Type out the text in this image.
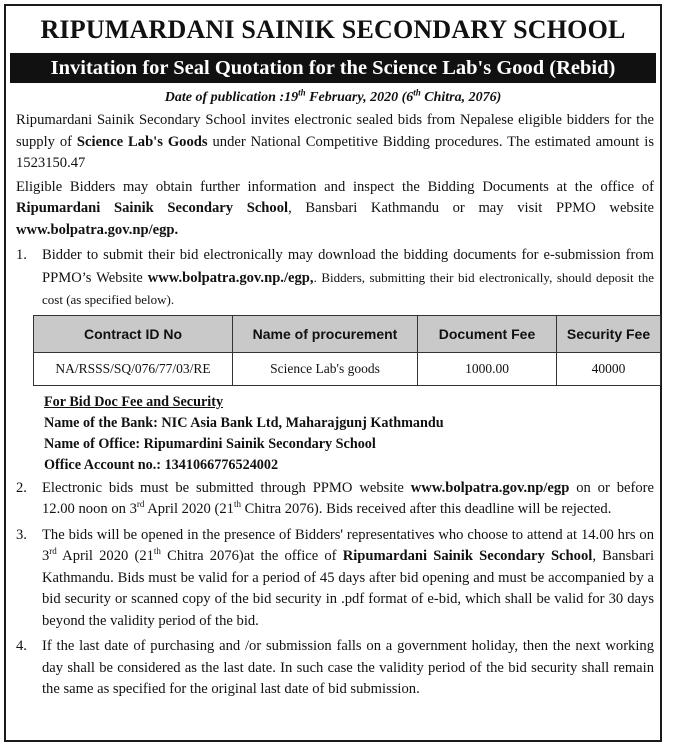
RIPUMARDANI SAINIK SECONDARY SCHOOL
Invitation for Seal Quotation for the Science Lab's Good (Rebid)
Date of publication :19th February, 2020 (6th Chitra, 2076)
Ripumardani Sainik Secondary School invites electronic sealed bids from Nepalese eligible bidders for the supply of Science Lab's Goods under National Competitive Bidding procedures. The estimated amount is 1523150.47
Eligible Bidders may obtain further information and inspect the Bidding Documents at the office of Ripumardani Sainik Secondary School, Bansbari Kathmandu or may visit PPMO website www.bolpatra.gov.np/egp.
1. Bidder to submit their bid electronically may download the bidding documents for e-submission from PPMO’s Website www.bolpatra.gov.np./egp,. Bidders, submitting their bid electronically, should deposit the cost (as specified below).
Contract ID No	Name of procurement	Document Fee	Security Fee
NA/RSSS/SQ/076/77/03/RE	Science Lab's goods	1000.00	40000
For Bid Doc Fee and Security
Name of the Bank: NIC Asia Bank Ltd, Maharajgunj Kathmandu
Name of Office: Ripumardini Sainik Secondary School
Office Account no.: 1341066776524002
2. Electronic bids must be submitted through PPMO website www.bolpatra.gov.np/egp on or before 12.00 noon on 3rd April 2020 (21th Chitra 2076). Bids received after this deadline will be rejected.
3. The bids will be opened in the presence of Bidders' representatives who choose to attend at 14.00 hrs on 3rd April 2020 (21th Chitra 2076)at the office of Ripumardani Sainik Secondary School, Bansbari Kathmandu. Bids must be valid for a period of 45 days after bid opening and must be accompanied by a bid security or scanned copy of the bid security in .pdf format of e-bid, which shall be valid for 30 days beyond the validity period of the bid.
4. If the last date of purchasing and /or submission falls on a government holiday, then the next working day shall be considered as the last date. In such case the validity period of the bid security shall remain the same as specified for the original last date of bid submission.
